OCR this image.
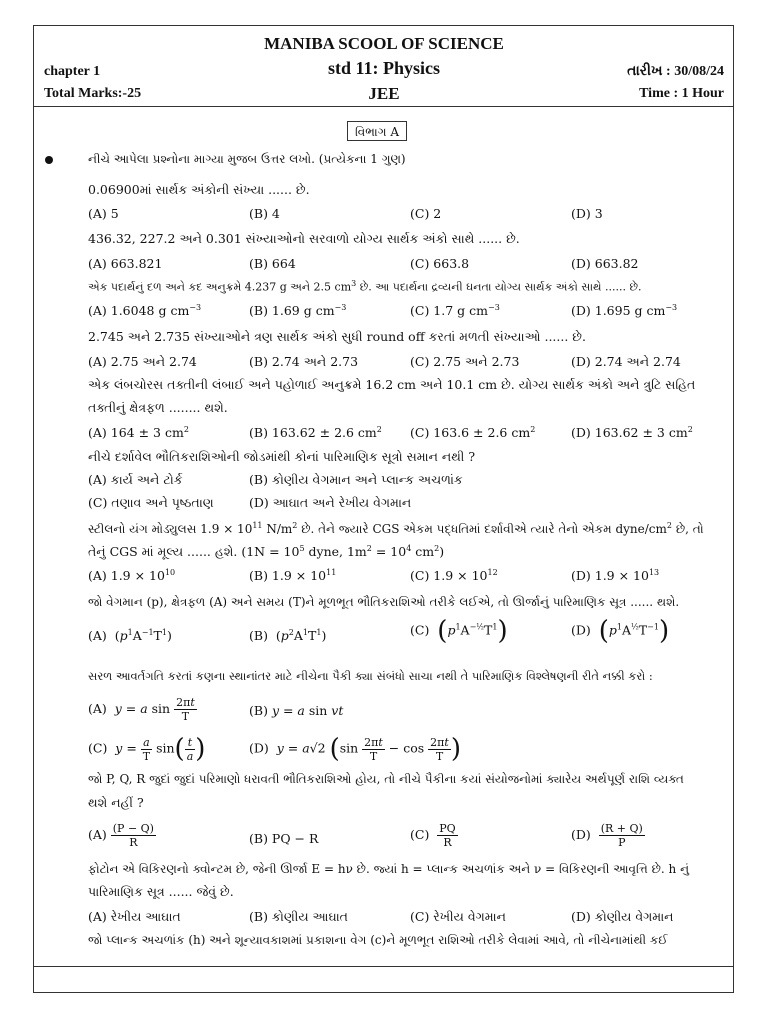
MANIBA SCOOL OF SCIENCE
chapter 1	std 11: Physics	તારીખ : 30/08/24
Total Marks:-25	JEE	Time : 1 Hour
વિભાગ A
નીચે આપેલા પ્રશ્નોના માગ્યા મુજબ ઉત્તર લખો. (પ્રત્યેકના 1 ગુણ)
0.06900માં સાર્થક અંકોની સંખ્યા ...... છે.
(A) 5	(B) 4	(C) 2	(D) 3
436.32, 227.2 અને 0.301 સંખ્યાઓનો સરવાળો યોગ્ય સાર્થક અંકો સાથે ...... છે.
(A) 663.821	(B) 664	(C) 663.8	(D) 663.82
એક પદાર્થનું દળ અને કદ અનુક્રમે 4.237 g અને 2.5 $cm^3$ છે. આ પદાર્થના દ્રવ્યની ઘનતા યોગ્ય સાર્થક અંકો સાથે ...... છે.
(A) 1.6048 g $cm^{-3}$	(B) 1.69 g $cm^{-3}$	(C) 1.7 g $cm^{-3}$	(D) 1.695 g $cm^{-3}$
2.745 અને 2.735 સંખ્યાઓને ત્રણ સાર્થક અંકો સુધી round off કરતાં મળતી સંખ્યાઓ ...... છે.
(A) 2.75 અને 2.74	(B) 2.74 અને 2.73	(C) 2.75 અને 2.73	(D) 2.74 અને 2.74
એક લંબચોરસ તક્તીની લંબાઈ અને પહોળાઈ અનુક્રમે 16.2 cm અને 10.1 cm છે. યોગ્ય સાર્થક અંકો અને ત્રુટિ સહિત
તક્તીનું ક્ષેત્રફળ ........ થશે.
(A) 164 ± 3 $cm^2$	(B) 163.62 ± 2.6 $cm^2$ (C) 163.6 ± 2.6 $cm^2$	(D) 163.62 ± 3 $cm^2$
નીચે દર્શાવેલ ભૌતિકરાશિઓની જોડમાંથી કોનાં પારિમાણિક સૂત્રો સમાન નથી ?
(A) કાર્ય અને ટોર્ક	(B) કોણીય વેગમાન અને પ્લાન્ક અચળાંક
(C) તણાવ અને પૃષ્ઠતાણ	(D) આઘાત અને રેખીય વેગમાન
સ્ટીલનો યંગ મોડ્યુલસ $1.9 \times 10^{11}$ $N/m^2$ છે. તેને જ્યારે CGS એકમ પદ્ધતિમાં દર્શાવીએ ત્યારે તેનો એકમ dyne/$cm^2$ છે, તો
તેનું CGS માં મૂલ્ય ...... હશે. ($1N = 10^5$ dyne, $1m^2 = 10^4$ $cm^2$)
(A) $1.9 \times 10^{10}$	(B) $1.9 \times 10^{11}$	(C) $1.9 \times 10^{12}$	(D) $1.9 \times 10^{13}$
જો વેગમાન (p), ક્ષેત્રફળ (A) અને સમય (T)ને મૂળભૂત ભૌતિકરાશિઓ તરીકે લઈએ, તો ઊર્જાનું પારિમાણિક સૂત્ર ...... થશે.
(A)  $(p^1A^{-1}T^1)$	(B)  $(p^2A^1T^1)$	(C) $(p^1A^{-\frac{1}{2}}T^1)$	(D) $(p^1A^{\frac{1}{2}}T^{-1})$
સરળ આવર્તગતિ કરતાં કણના સ્થાનાંતર માટે નીચેના પૈકી ક્યા સંબંધો સાચા નથી તે પારિમાણિક વિશ્લેષણની રીતે નક્કી કરો :
(A) y = a $\sin \frac{2\pi t}{T}$	(B) y = a sin vt
(C) $y = \frac{a}{T} \sin( \frac{t}{a}$ )	(D) y = a√2 ($\sin \frac{2\pi t}{T} - \cos \frac{2\pi t}{T}$ )
જો P, Q, R જુદાં જુદાં પરિમાણો ધરાવતી ભૌતિકરાશિઓ હોય, તો નીચે પૈકીના કયાં સંયોજનોમાં ક્યારેય અર્થપૂર્ણ રાશિ વ્યક્ત
થશે નહીં ?
$(A) \frac{(P - Q)}{R}$	(B) PQ − R	$(C) \frac{PQ}{R}$	$(D) \frac{(R + Q)}{P}$
ફોટોન એ વિકિરણનો ક્વોન્ટમ છે, જેની ઊર્જા E = hν છે. જ્યાં h = પ્લાન્ક અચળાંક અને ν = વિકિરણની આવૃત્તિ છે. h નું
પારિમાણિક સૂત્ર ...... જેવું છે.
(A) રેખીય આઘાત	(B) કોણીય આઘાત	(C) રેખીય વેગમાન	(D) કોણીય વેગમાન
જો પ્લાન્ક અચળાંક (h) અને શૂન્યાવકાશમાં પ્રકાશના વેગ (c)ને મૂળભૂત રાશિઓ તરીકે લેવામાં આવે, તો નીચેનામાંથી કઈ
